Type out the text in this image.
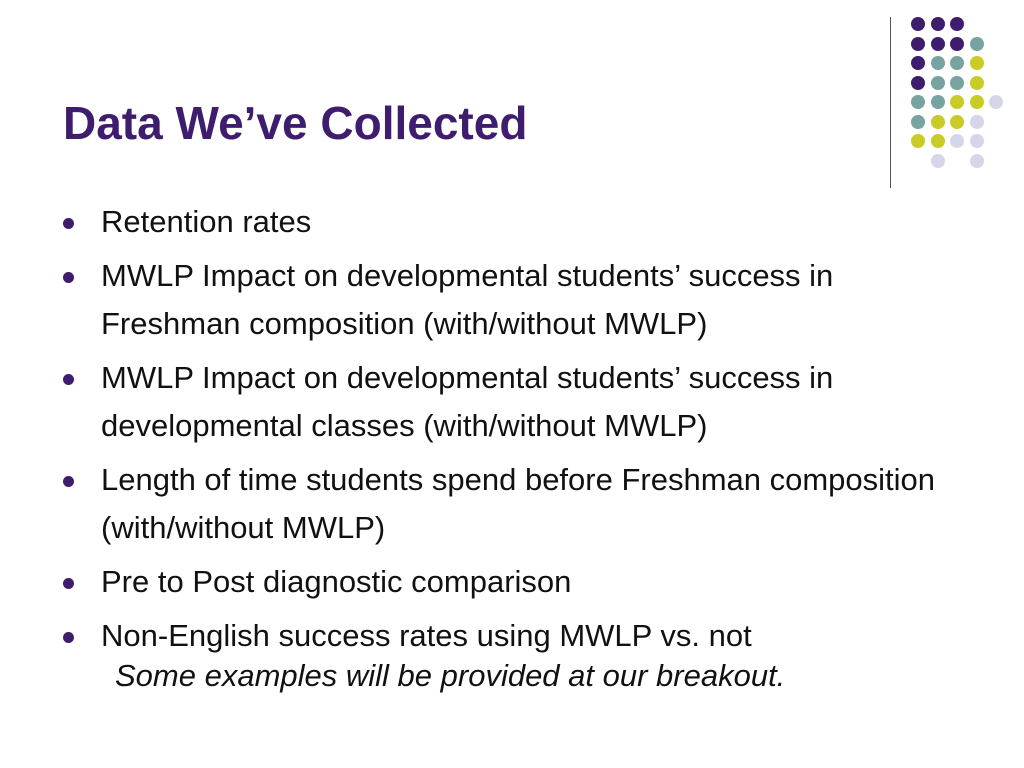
Data We’ve Collected
Retention rates
MWLP Impact on developmental students’ success in Freshman composition (with/without MWLP)
MWLP Impact on developmental students’ success in developmental classes (with/without MWLP)
Length of time students spend before Freshman composition (with/without MWLP)
Pre to Post diagnostic comparison
Non-English success rates using MWLP vs. not

Some examples will be provided at our breakout.
